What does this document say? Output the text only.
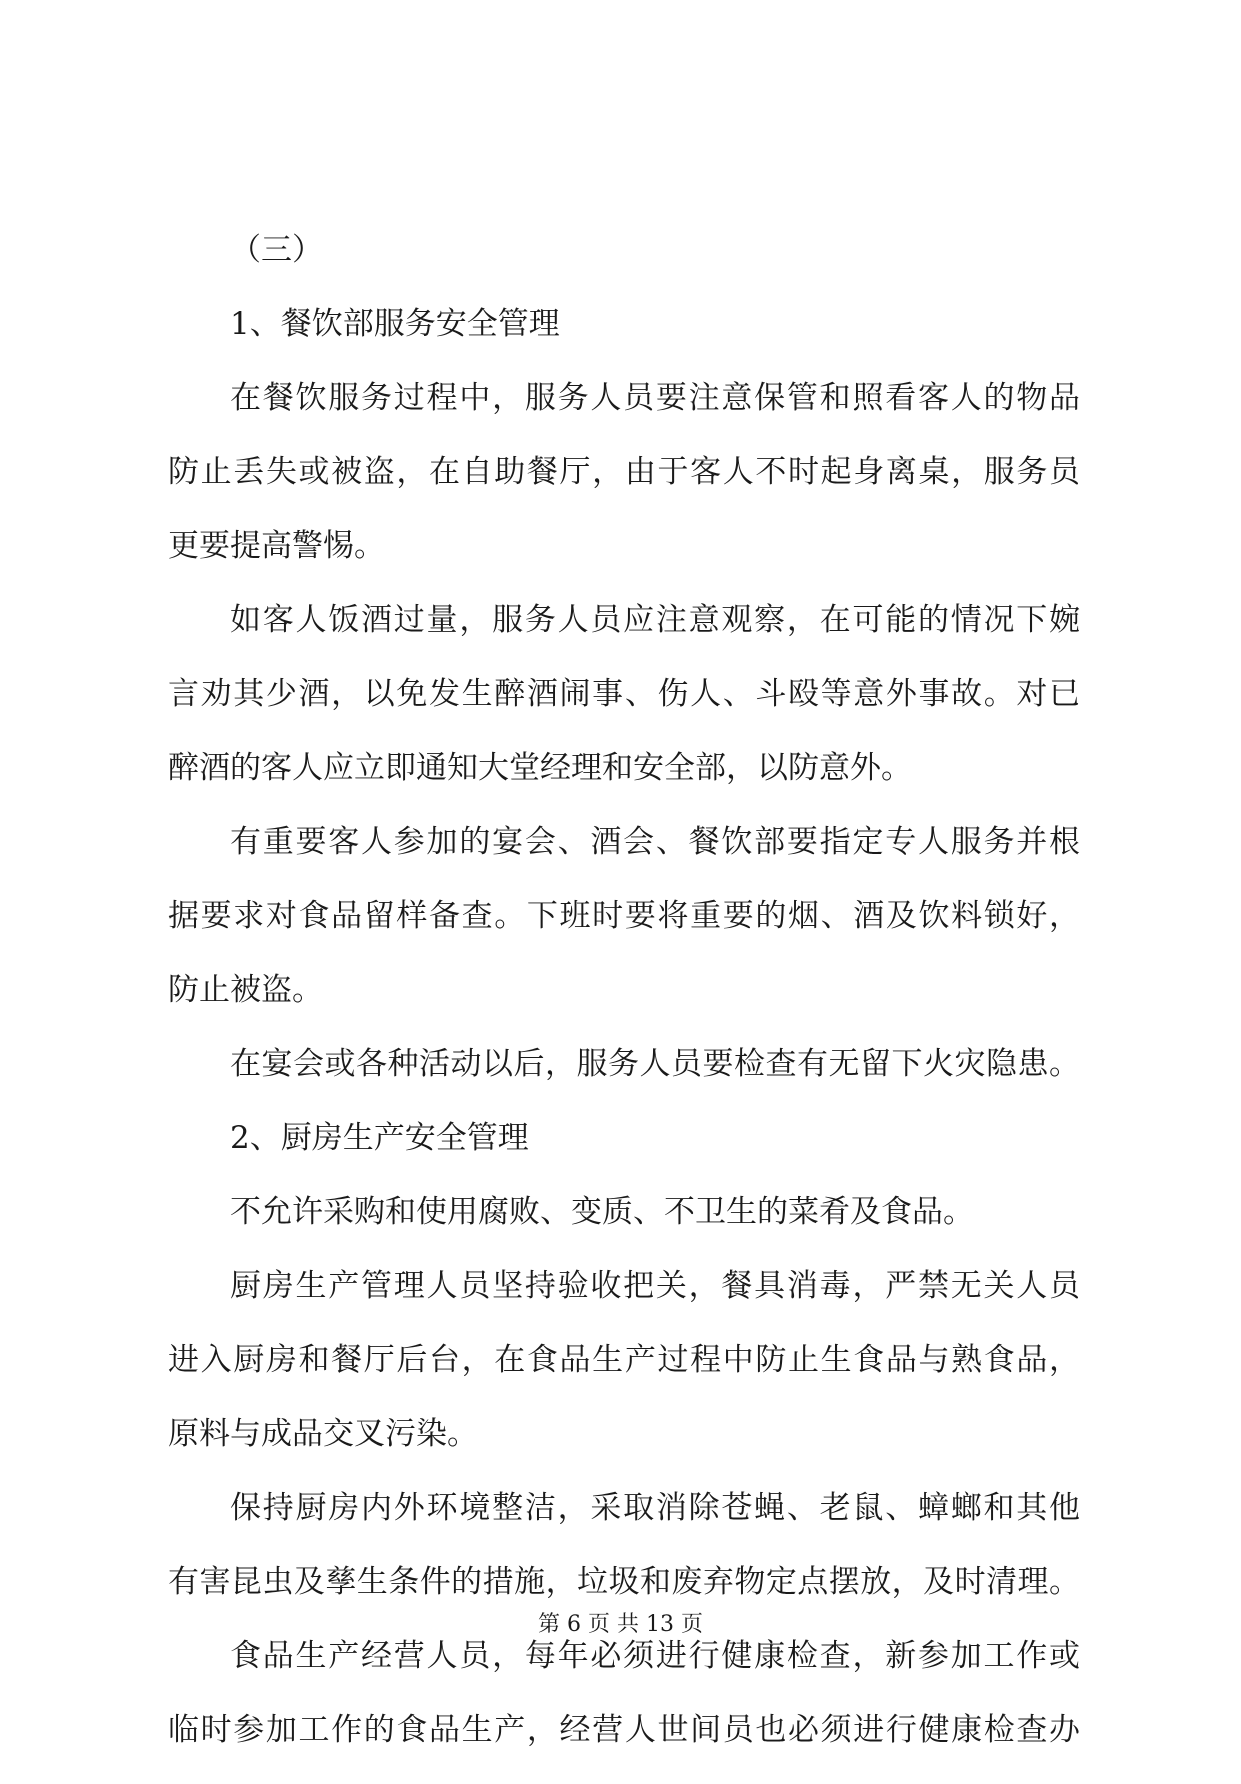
（三）
1、餐饮部服务安全管理
在餐饮服务过程中，服务人员要注意保管和照看客人的物品
防止丢失或被盗，在自助餐厅，由于客人不时起身离桌，服务员
更要提高警惕。
如客人饭酒过量，服务人员应注意观察，在可能的情况下婉
言劝其少酒，以免发生醉酒闹事、伤人、斗殴等意外事故。对已
醉酒的客人应立即通知大堂经理和安全部，以防意外。
有重要客人参加的宴会、酒会、餐饮部要指定专人服务并根
据要求对食品留样备查。下班时要将重要的烟、酒及饮料锁好，
防止被盗。
在宴会或各种活动以后，服务人员要检查有无留下火灾隐患。
2、厨房生产安全管理
不允许采购和使用腐败、变质、不卫生的菜肴及食品。
厨房生产管理人员坚持验收把关，餐具消毒，严禁无关人员
进入厨房和餐厅后台，在食品生产过程中防止生食品与熟食品，
原料与成品交叉污染。
保持厨房内外环境整洁，采取消除苍蝇、老鼠、蟑螂和其他
有害昆虫及孳生条件的措施，垃圾和废弃物定点摆放，及时清理。
食品生产经营人员，每年必须进行健康检查，新参加工作或
临时参加工作的食品生产，经营人世间员也必须进行健康检查办
第 6 页 共 13 页
